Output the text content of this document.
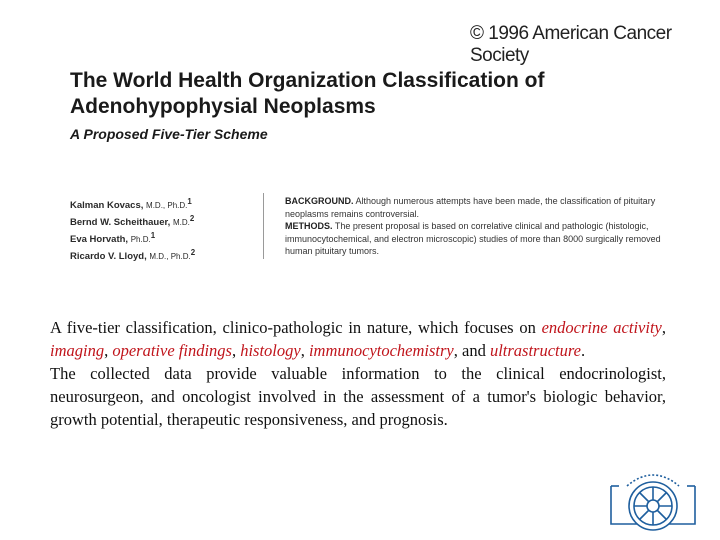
© 1996 American Cancer Society
The World Health Organization Classification of Adenohypophysial Neoplasms
A Proposed Five-Tier Scheme
Kalman Kovacs, M.D., Ph.D.$^1$
Bernd W. Scheithauer, M.D.$^2$
Eva Horvath, Ph.D.$^1$
Ricardo V. Lloyd, M.D., Ph.D.$^2$
BACKGROUND. Although numerous attempts have been made, the classification of pituitary neoplasms remains controversial.
METHODS. The present proposal is based on correlative clinical and pathologic (histologic, immunocytochemical, and electron microscopic) studies of more than 8000 surgically removed human pituitary tumors.
A five-tier classification, clinico-pathologic in nature, which focuses on endocrine activity, imaging, operative findings, histology, immunocytochemistry, and ultrastructure.
The collected data provide valuable information to the clinical endocrinologist, neurosurgeon, and oncologist involved in the assessment of a tumor's biologic behavior, growth potential, therapeutic responsiveness, and prognosis.
